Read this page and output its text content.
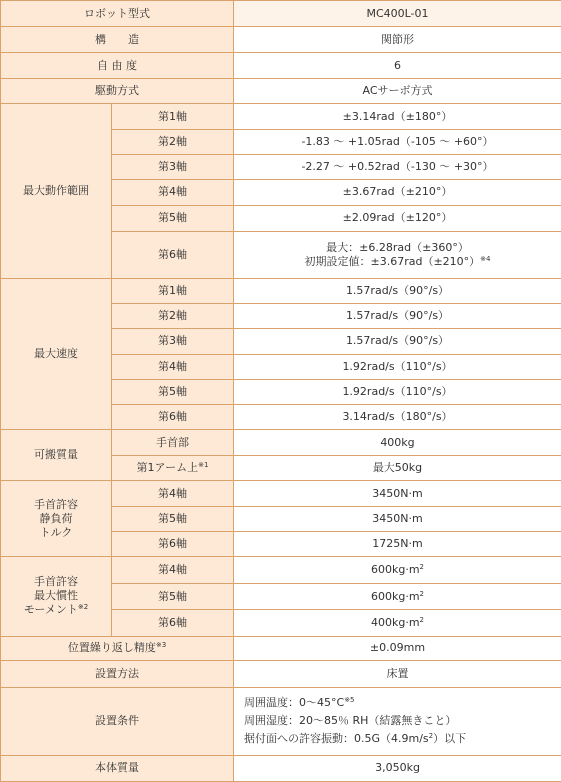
ロボット型式		MC400L-01
構　　造		関節形
自 由 度		6
駆動方式		ACサーボ方式
最大動作範囲	第1軸	±3.14rad（±180°）
	第2軸	-1.83 ～ +1.05rad（-105 ～ +60°）
	第3軸	-2.27 ～ +0.52rad（-130 ～ +30°）
	第4軸	±3.67rad（±210°）
	第5軸	±2.09rad（±120°）
	第6軸	最大：±6.28rad（±360°）
初期設定値：$\pm 3.67rad(\pm 210^\circ)^{※4}$

最大速度	第1軸	1.57rad/s（90°/s）
	第2軸	1.57rad/s（90°/s）
	第3軸	1.57rad/s（90°/s）
	第4軸	1.92rad/s（110°/s）
	第5軸	1.92rad/s（110°/s）
	第6軸	3.14rad/s（180°/s）
可搬質量	手首部	400kg
	第1アーム上$^{※1}$	最大50kg

手首許容
静負荷
トルク	第4軸	3450N·m
	第5軸	3450N·m
	第6軸	1725N·m

手首許容
最大慣性
モーメント$^{※2}$	第4軸	$600kg\cdot m^2$
	第5軸	$600kg\cdot m^2$
	第6軸	$400kg\cdot m^2$
位置繰り返し精度$^{※3}$		±0.09mm
設置方法		床置
設置条件		周囲温度：$0\sim 45^\circ C^{※5}$
周囲湿度：20～85％ RH（結露無きこと）
据付面への許容振動：$0.5G(4.9m/s^2)$以下

本体質量		3,050kg
